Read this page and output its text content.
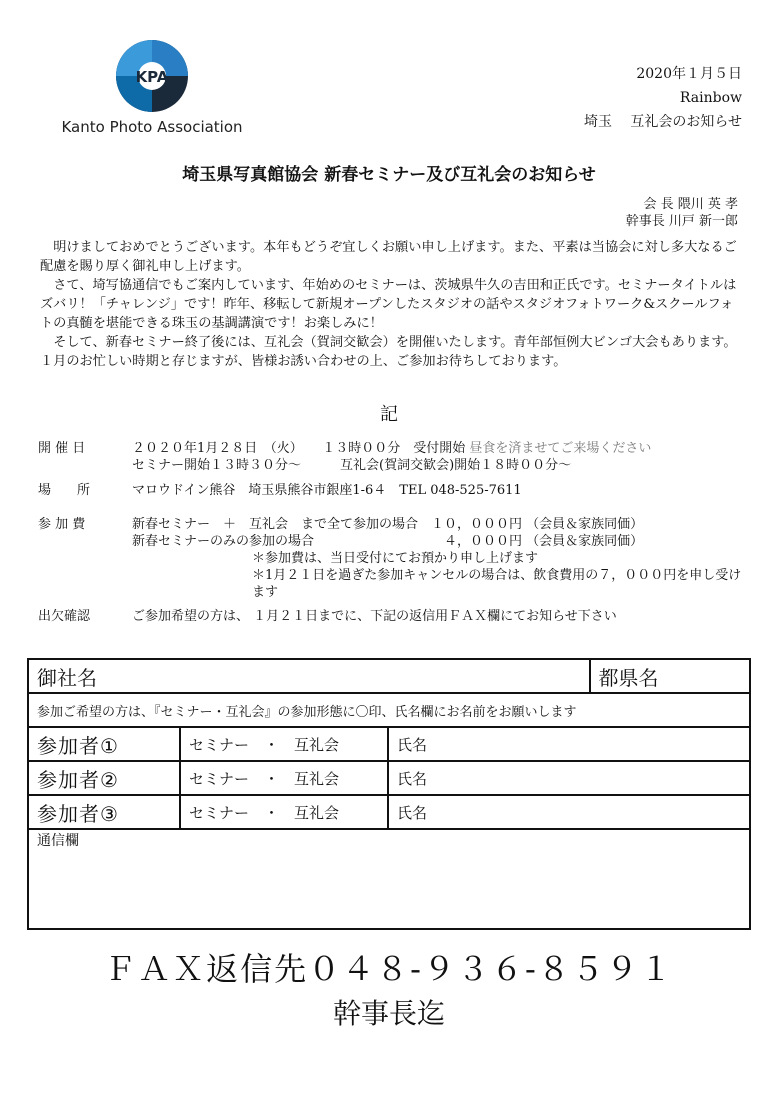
KPA
Kanto Photo Association
2020年１月５日
Rainbow
埼玉　 互礼会のお知らせ
埼玉県写真館協会 新春セミナー及び互礼会のお知らせ
会 長 隈川 英 孝
幹事長 川戸 新一郎

明けましておめでとうございます。本年もどうぞ宜しくお願い申し上げます。また、平素は当協会に対し多大なるご配慮を賜り厚く御礼申し上げます。

さて、埼写協通信でもご案内しています、年始めのセミナーは、茨城県牛久の吉田和正氏です。セミナータイトルはズバリ！「チャレンジ」です！昨年、移転して新規オープンしたスタジオの話やスタジオフォトワーク&スクールフォトの真髄を堪能できる珠玉の基調講演です！お楽しみに！

そして、新春セミナー終了後には、互礼会（賀詞交歓会）を開催いたします。青年部恒例大ビンゴ大会もあります。１月のお忙しい時期と存じますが、皆様お誘い合わせの上、ご参加お待ちしております。

記
開 催 日	２０２０年1月２８日　（火）　　１３時００分　受付開始 昼食を済ませてご来場ください
セミナー開始１３時３０分～　　　互礼会(賀詞交歓会)開始１８時００分～
場　　所	マロウドイン熊谷　埼玉県熊谷市銀座1-6４　TEL 048-525-7611
参 加 費	新春セミナー　＋　互礼会　まで全て参加の場合　１０，０００円 （会員＆家族同価）
新春セミナーのみの参加の場合　　　　　　　　　　４，０００円 （会員＆家族同価）
＊参加費は、当日受付にてお預かり申し上げます
＊1月２１日を過ぎた参加キャンセルの場合は、飲食費用の７，０００円を申し受けます
出欠確認	ご参加希望の方は、 １月２１日までに、下記の返信用ＦＡＸ欄にてお知らせ下さい
御社名			都県名
参加ご希望の方は、『セミナー・互礼会』の参加形態に〇印、氏名欄にお名前をお願いします			
参加者①	セミナー　・　互礼会	氏名	
参加者②	セミナー　・　互礼会	氏名	
参加者③	セミナー　・　互礼会	氏名	
通信欄			
ＦＡＸ返信先０４８-９３６-８５９１
幹事長迄
